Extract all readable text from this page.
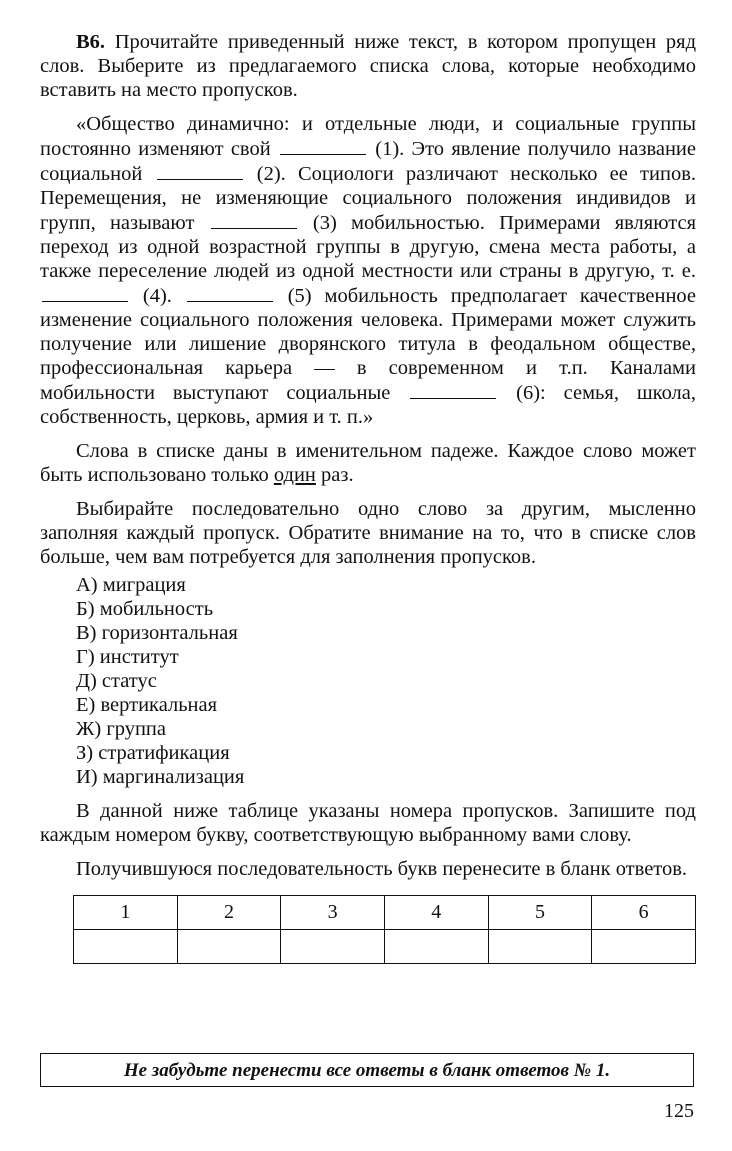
В6. Прочитайте приведенный ниже текст, в котором пропущен ряд слов. Выберите из предлагаемого списка слова, которые необходимо вставить на место пропусков.

«Общество динамично: и отдельные люди, и социальные группы постоянно изменяют свой	(1). Это явление получило название социальной	(2). Социологи различают несколько ее типов. Перемещения, не изменяющие социального положения индивидов и групп, называют	(3) мобильностью. Примерами являются переход из одной возрастной группы в другую, смена места работы, а также переселение людей из одной местности или страны в другую, т. е.  (4).	(5) мобильность предполагает качественное изменение социального положения человека. Примерами может служить получение или лишение дворянского титула в феодальном обществе, профессиональная карьера — в современном и т.п. Каналами мобильности выступают социальные	(6): семья, школа, собственность, церковь, армия и т. п.»

Слова в списке даны в именительном падеже. Каждое слово может быть использовано только один раз.

Выбирайте последовательно одно слово за другим, мысленно заполняя каждый пропуск. Обратите внимание на то, что в списке слов больше, чем вам потребуется для заполнения пропусков.

А) миграция
Б) мобильность
В) горизонтальная
Г) институт
Д) статус
Е) вертикальная
Ж) группа
З) стратификация
И) маргинализация

В данной ниже таблице указаны номера пропусков. Запишите под каждым номером букву, соответствующую выбранному вами слову.

Получившуюся последовательность букв перенесите в бланк ответов.

1	2	3	4	5	6

Не забудьте перенести все ответы в бланк ответов № 1.
125
